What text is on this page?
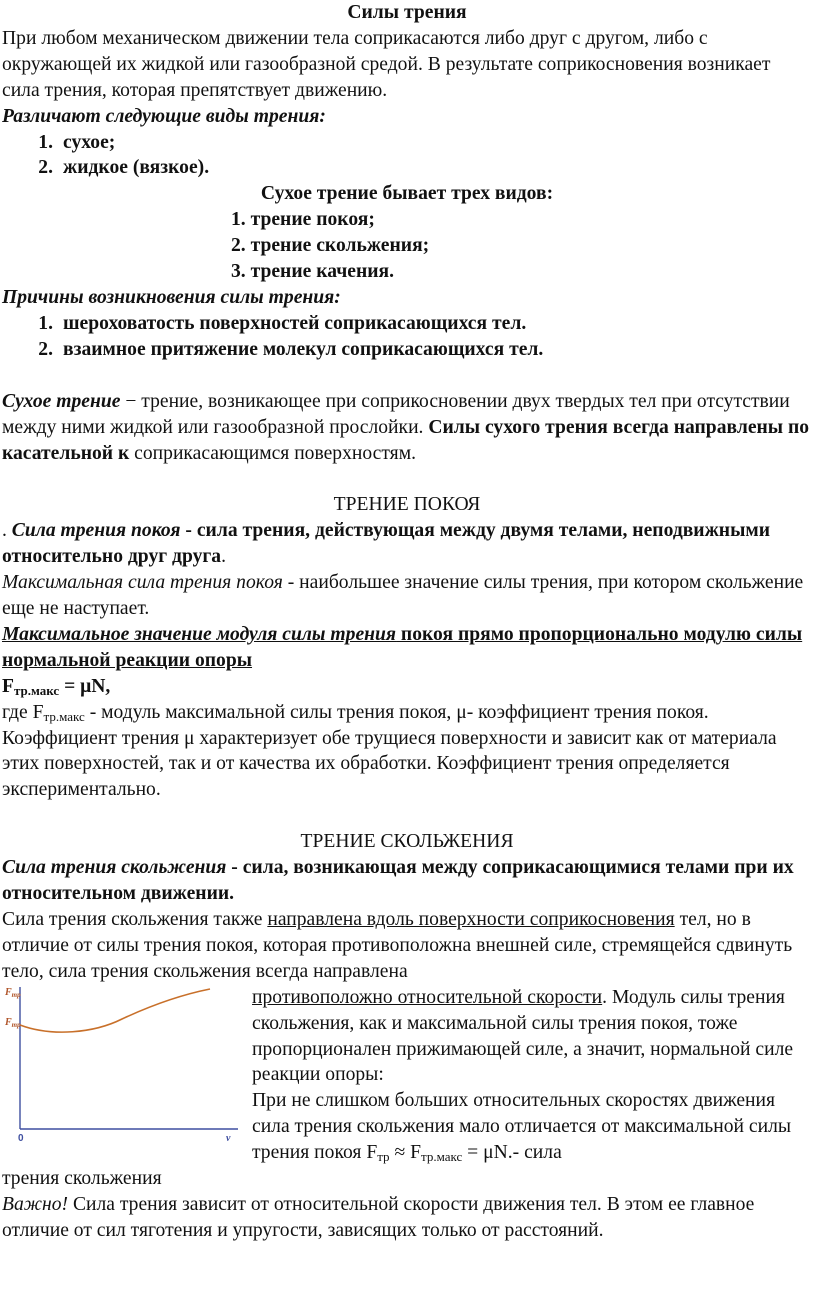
Силы трения

При любом механическом движении тела соприкасаются либо друг с другом, либо с окружающей их жидкой или газообразной средой. В результате соприкосновения возникает сила трения, которая препятствует движению.

Различают следующие виды трения:

1. сухое;
2. жидкое (вязкое).

Сухое трение бывает трех видов:

1. трение покоя;
2. трение скольжения;
3. трение качения.

Причины возникновения силы трения:

1. шероховатость поверхностей соприкасающихся тел.
2. взаимное притяжение молекул соприкасающихся тел.

Сухое трение − трение, возникающее при соприкосновении двух твердых тел при отсутствии между ними жидкой или газообразной прослойки. Силы сухого трения всегда направлены по касательной к соприкасающимся поверхностям.

ТРЕНИЕ ПОКОЯ

. Сила трения покоя - сила трения, действующая между двумя телами, неподвижными относительно друг друга.

Максимальная сила трения покоя - наибольшее значение силы трения, при котором скольжение еще не наступает.

Максимальное значение модуля силы трения покоя прямо пропорционально модулю силы нормальной реакции опоры

$F_{тр.макс} = \mu N$,

где $F_{тр.макс}$ - модуль максимальной силы трения покоя, μ- коэффициент трения покоя.

Коэффициент трения μ характеризует обе трущиеся поверхности и зависит как от материала этих поверхностей, так и от качества их обработки. Коэффициент трения определяется экспериментально.

ТРЕНИЕ СКОЛЬЖЕНИЯ

Сила трения скольжения - сила, возникающая между соприкасающимися телами при их относительном движении.

Сила трения скольжения также направлена вдоль поверхности соприкосновения тел, но в отличие от силы трения покоя, которая противоположна внешней силе, стремящейся сдвинуть тело, сила трения скольжения всегда направлена

$F_{тр}$
$F_{тр}$
0	v

противоположно относительной скорости. Модуль силы трения скольжения, как и максимальной силы трения покоя, тоже пропорционален прижимающей силе, а значит, нормальной силе реакции опоры:

При не слишком больших относительных скоростях движения сила трения скольжения мало отличается от максимальной силы трения покоя $F_{тр} \approx F_{тр.макс} = \mu N.-$ сила

трения скольжения

Важно! Сила трения зависит от относительной скорости движения тел. В этом ее главное отличие от сил тяготения и упругости, зависящих только от расстояний.
